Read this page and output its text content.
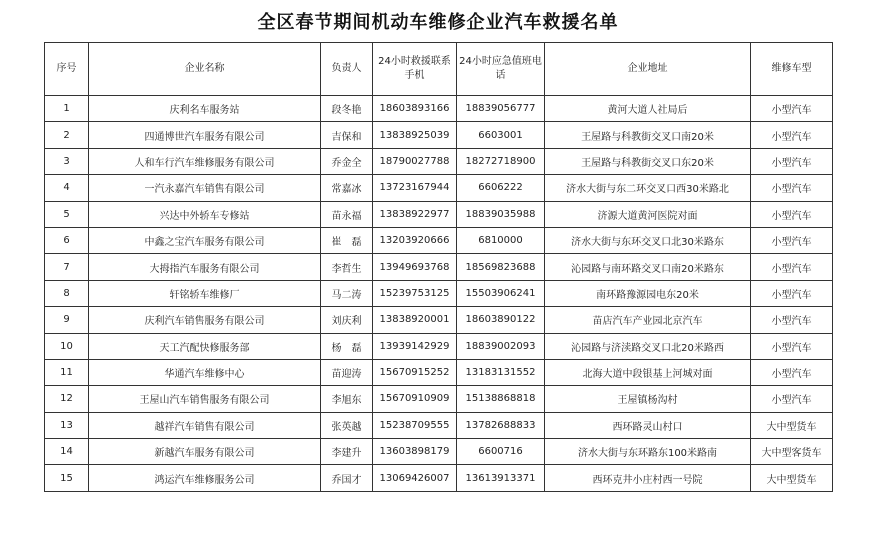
全区春节期间机动车维修企业汽车救援名单
序号	企业名称	负责人	24小时救援联系手机	24小时应急值班电话	企业地址	维修车型
1	庆利名车服务站	段冬艳	18603893166	18839056777	黄河大道人社局后	小型汽车
2	四通博世汽车服务有限公司	吉保和	13838925039	6603001	王屋路与科教街交叉口南20米	小型汽车
3	人和车行汽车维修服务有限公司	乔金全	18790027788	18272718900	王屋路与科教街交叉口东20米	小型汽车
4	一汽永嘉汽车销售有限公司	常嘉冰	13723167944	6606222	济水大街与东二环交叉口西30米路北	小型汽车
5	兴达中外轿车专修站	苗永福	13838922977	18839035988	济源大道黄河医院对面	小型汽车
6	中鑫之宝汽车服务有限公司	崔　磊	13203920666	6810000	济水大街与东环交叉口北30米路东	小型汽车
7	大拇指汽车服务有限公司	李哲生	13949693768	18569823688	沁园路与南环路交叉口南20米路东	小型汽车
8	轩铭轿车维修厂	马二涛	15239753125	15503906241	南环路豫源园电东20米	小型汽车
9	庆利汽车销售服务有限公司	刘庆利	13838920001	18603890122	苗店汽车产业园北京汽车	小型汽车
10	天工汽配快修服务部	杨　磊	13939142929	18839002093	沁园路与济渎路交叉口北20米路西	小型汽车
11	华通汽车维修中心	苗迎涛	15670915252	13183131552	北海大道中段银基上河城对面	小型汽车
12	王屋山汽车销售服务有限公司	李旭东	15670910909	15138868818	王屋镇杨沟村	小型汽车
13	越祥汽车销售有限公司	张英越	15238709555	13782688833	西环路灵山村口	大中型货车
14	新越汽车服务有限公司	李建升	13603898179	6600716	济水大街与东环路东100米路南	大中型客货车
15	鸿运汽车维修服务公司	乔国才	13069426007	13613913371	西环克井小庄村西一号院	大中型货车
